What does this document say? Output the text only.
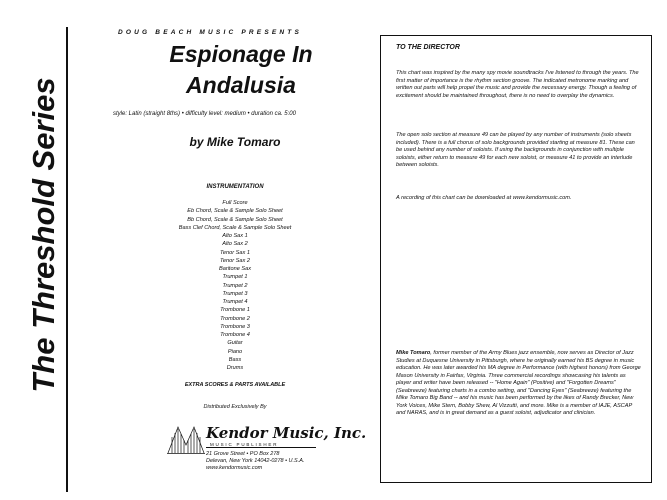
The Threshold Series
DOUG BEACH MUSIC PRESENTS
Espionage In
Andalusia
style: Latin (straight 8ths) • difficulty level: medium • duration ca. 5:00
by Mike Tomaro
INSTRUMENTATION
Full Score
Eb Chord, Scale & Sample Solo Sheet
Bb Chord, Scale & Sample Solo Sheet
Bass Clef Chord, Scale & Sample Solo Sheet
Alto Sax 1
Alto Sax 2
Tenor Sax 1
Tenor Sax 2
Baritone Sax
Trumpet 1
Trumpet 2
Trumpet 3
Trumpet 4
Trombone 1
Trombone 2
Trombone 3
Trombone 4
Guitar
Piano
Bass
Drums
EXTRA SCORES & PARTS AVAILABLE
Distributed Exclusively By
Kendor Music, Inc.
MUSIC PUBLISHER
21 Grove Street • PO Box 278
Delevan, New York 14042-0278 • U.S.A.
www.kendormusic.com
TO THE DIRECTOR

This chart was inspired by the many spy movie soundtracks I've listened to through the years. The first matter of importance is the rhythm section groove. The indicated metronome marking and written out parts will help propel the music and provide the necessary energy. Though a feeling of excitement should be maintained throughout, there is no need to overplay the dynamics.

The open solo section at measure 49 can be played by any number of instruments (solo sheets included). There is a full chorus of solo backgrounds provided starting at measure 81. These can be used behind any number of soloists. If using the backgrounds in conjunction with multiple soloists, either return to measure 49 for each new soloist, or measure 41 to provide an interlude between soloists.

A recording of this chart can be downloaded at www.kendormusic.com.

Mike Tomaro, former member of the Army Blues jazz ensemble, now serves as Director of Jazz Studies at Duquesne University in Pittsburgh, where he originally earned his BS degree in music education. He was later awarded his MA degree in Performance (with highest honors) from George Mason University in Fairfax, Virginia. Three commercial recordings showcasing his talents as player and writer have been released -- "Home Again" (Positive) and "Forgotten Dreams" (Seabreeze) featuring charts in a combo setting, and "Dancing Eyes" (Seabreeze) featuring the Mike Tomaro Big Band -- and his music has been performed by the likes of Randy Brecker, New York Voices, Mike Stern, Bobby Shew, Al Vizzutti, and more. Mike is a member of IAJE, ASCAP and NARAS, and is in great demand as a guest soloist, adjudicator and clinician.
